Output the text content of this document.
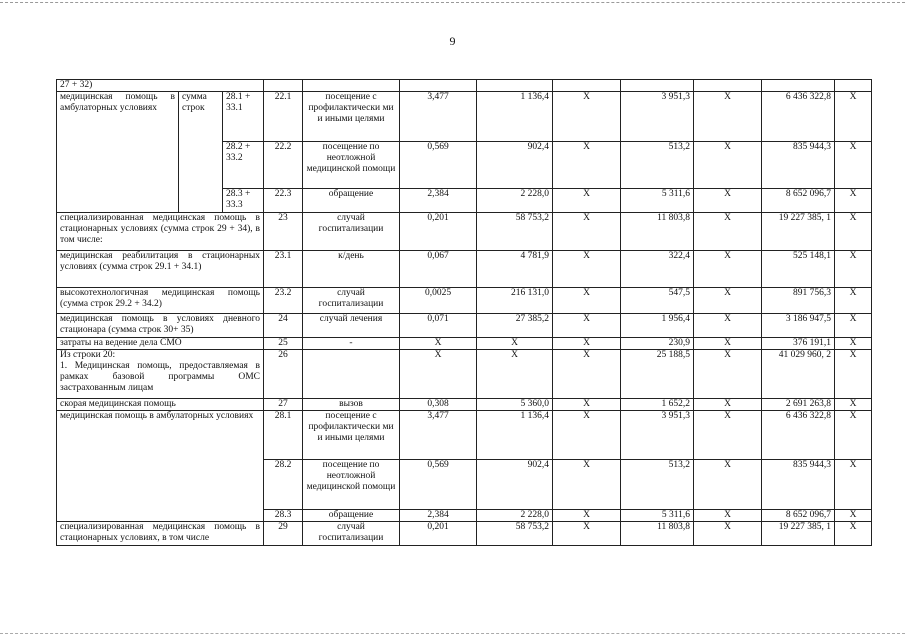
9
27 + 32)											
медицинская помощь в амбулаторных условиях	сумма строк	28.1 + 33.1	22.1	посещение с профилактически ми и иными целями	3,477	1 136,4	X	3 951,3	X	6 436 322,8	X
		28.2 + 33.2	22.2	посещение по неотложной медицинской помощи	0,569	902,4	X	513,2	X	835 944,3	X
		28.3 + 33.3	22.3	обращение	2,384	2 228,0	X	5 311,6	X	8 652 096,7	X
специализированная медицинская помощь в стационарных условиях (сумма строк 29 + 34), в том числе:			23	случай госпитализации	0,201	58 753,2	X	11 803,8	X	19 227 385, 1	X
медицинская реабилитация в стационарных условиях (сумма строк 29.1 + 34.1)			23.1	к/день	0,067	4 781,9	X	322,4	X	525 148,1	X
высокотехнологичная медицинская помощь (сумма строк 29.2 + 34.2)			23.2	случай госпитализации	0,0025	216 131,0	X	547,5	X	891 756,3	X
медицинская помощь в условиях дневного стационара (сумма строк 30+ 35)			24	случай лечения	0,071	27 385,2	X	1 956,4	X	3 186 947,5	X
затраты на ведение дела СМО			25	-	X	X	X	230,9	X	376 191,1	X

Из строки 20:
1. Медицинская помощь, предоставляемая в рамках базовой программы ОМС застрахованным лицам			26		X	X	X	25 188,5	X	41 029 960, 2	X
скорая медицинская помощь			27	вызов	0,308	5 360,0	X	1 652,2	X	2 691 263,8	X
медицинская помощь в амбулаторных условиях			28.1	посещение с профилактически ми и иными целями	3,477	1 136,4	X	3 951,3	X	6 436 322,8	X
			28.2	посещение по неотложной медицинской помощи	0,569	902,4	X	513,2	X	835 944,3	X
			28.3	обращение	2,384	2 228,0	X	5 311,6	X	8 652 096,7	X
специализированная медицинская помощь в стационарных условиях, в том числе			29	случай госпитализации	0,201	58 753,2	X	11 803,8	X	19 227 385, 1	X
